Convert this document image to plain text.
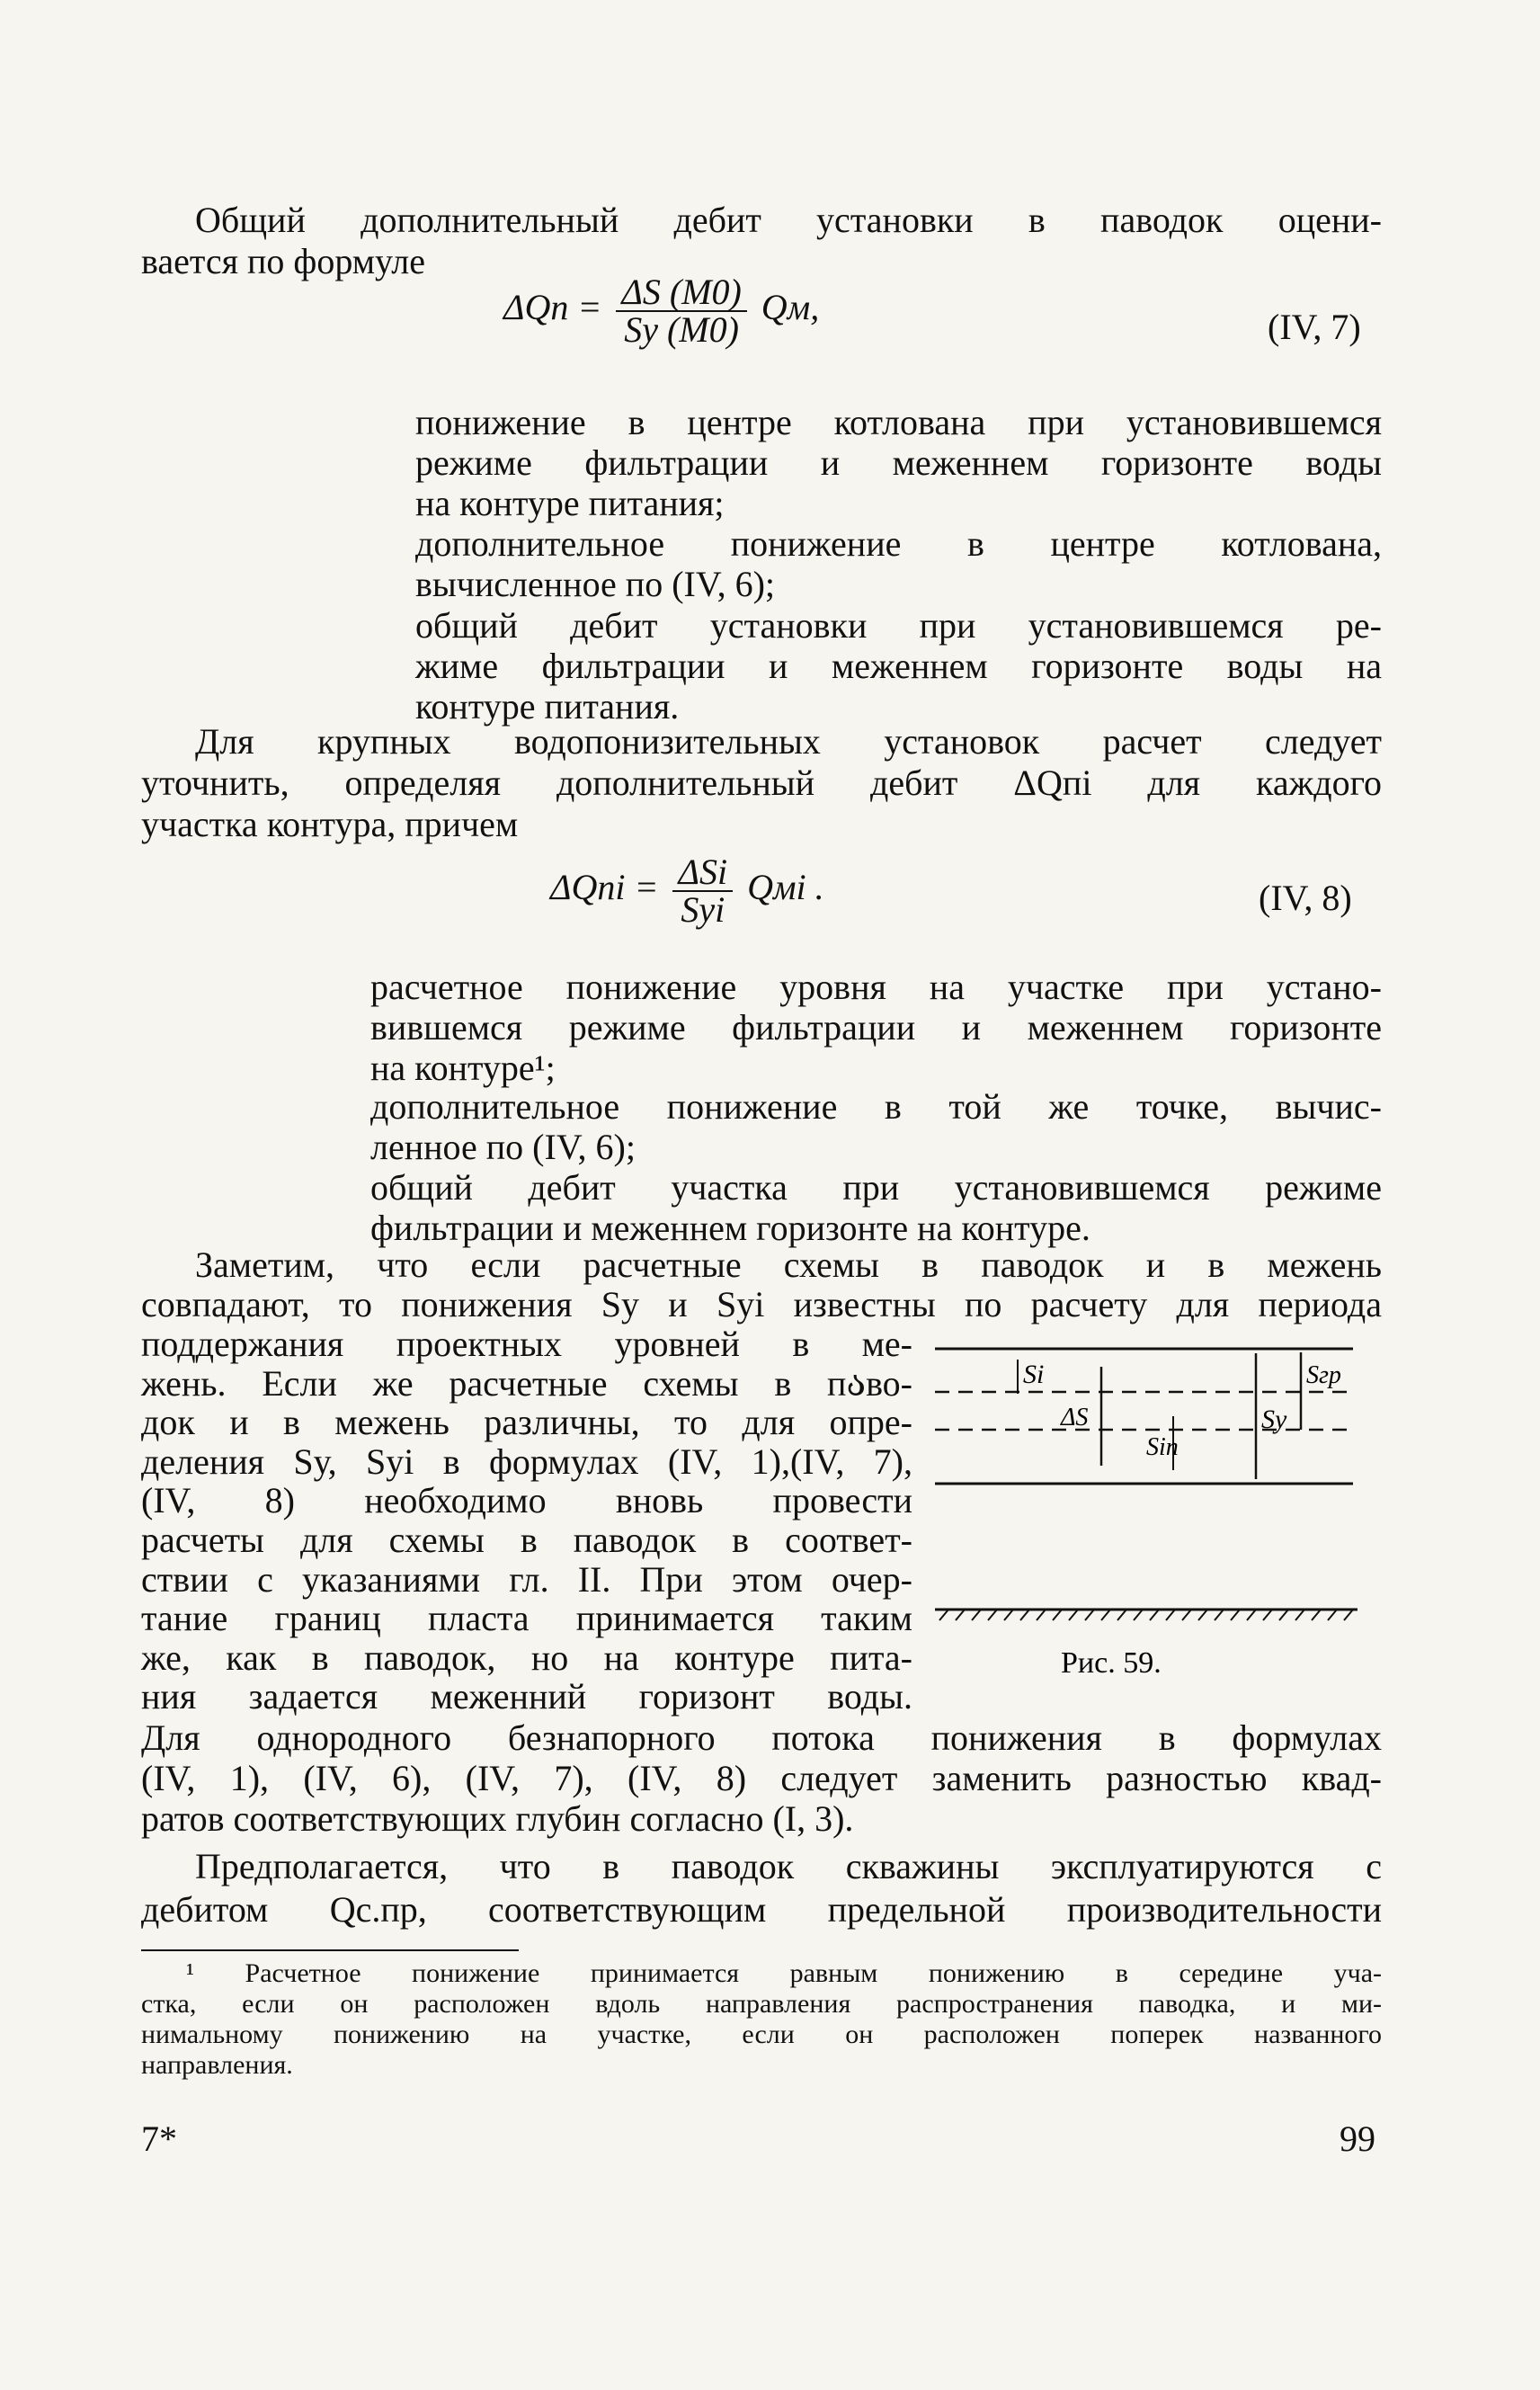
Общий дополнительный дебит установки в паводок оцени-
вается по формуле
$\Delta Qп = \frac{\Delta S (M0)}{Sу (M0)}$ Qм,	(IV, 7)
понижение в центре котлована при установившемся
режиме фильтрации и меженнем горизонте воды
на контуре питания;
дополнительное понижение в центре котлована,
вычисленное по (IV, 6);
общий дебит установки при установившемся ре-
жиме фильтрации и меженнем горизонте воды на
контуре питания.
Для крупных водопонизительных установок расчет следует
уточнить, определяя дополнительный дебит ΔQпi для каждого
участка контура, причем
$\Delta Qпi = \frac{\text{ΔSi}}{\text{Syi}}$ Qмi .	(IV, 8)
расчетное понижение уровня на участке при устано-
вившемся режиме фильтрации и меженнем горизонте
на контуре¹;
дополнительное понижение в той же точке, вычис-
ленное по (IV, 6);
общий дебит участка при установившемся режиме
фильтрации и меженнем горизонте на контуре.
Заметим, что если расчетные схемы в паводок и в межень
совпадают, то понижения Sу и Sуi известны по расчету для периода
поддержания проектных уровней в ме-
жень. Если же расчетные схемы в пაво-
док и в межень различны, то для опре-
деления Sу, Sуi в формулах (IV, 1),(IV, 7),
(IV, 8) необходимо вновь провести
расчеты для схемы в паводок в соответ-
ствии с указаниями гл. II. При этом очер-
тание границ пласта принимается таким
же, как в паводок, но на контуре пита-
ния задается меженний горизонт воды.
Si	Sгр
ΔS
Siп
Sy
Рис. 59.
Для однородного безнапорного потока понижения в формулах
(IV, 1), (IV, 6), (IV, 7), (IV, 8) следует заменить разностью квад-
ратов соответствующих глубин согласно (I, 3).
Предполагается, что в паводок скважины эксплуатируются с
дебитом Qс.пр, соответствующим предельной производительности
¹ Расчетное понижение принимается равным понижению в середине уча-
стка, если он расположен вдоль направления распространения паводка, и ми-
нимальному понижению на участке, если он расположен поперек названного
направления.
7*	99
